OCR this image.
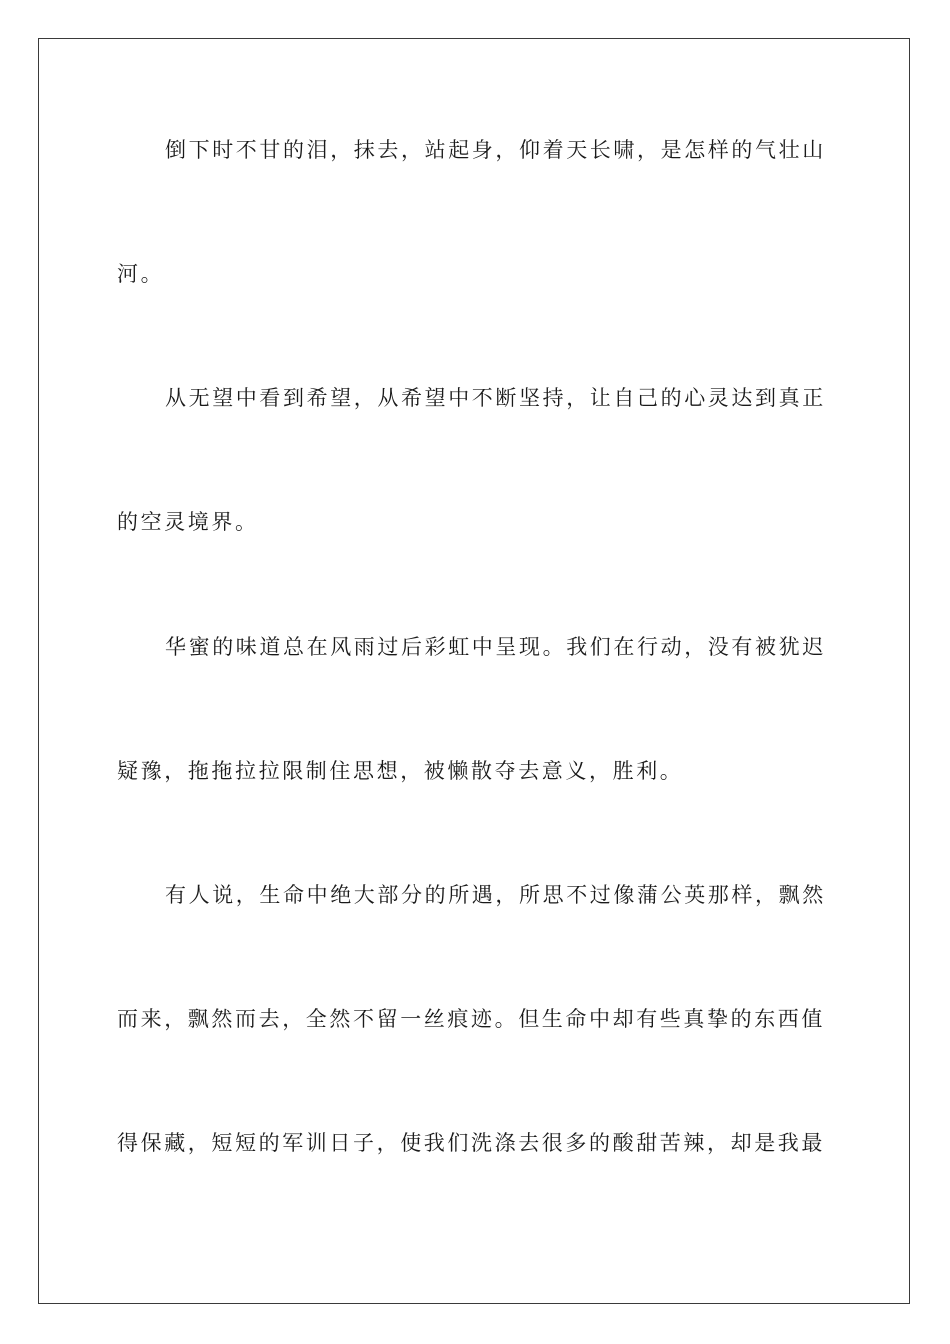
倒下时不甘的泪，抹去，站起身，仰着天长啸，是怎样的气壮山
河。
从无望中看到希望，从希望中不断坚持，让自己的心灵达到真正
的空灵境界。
华蜜的味道总在风雨过后彩虹中呈现。我们在行动，没有被犹迟
疑豫，拖拖拉拉限制住思想，被懒散夺去意义，胜利。
有人说，生命中绝大部分的所遇，所思不过像蒲公英那样，飘然
而来，飘然而去，全然不留一丝痕迹。但生命中却有些真挚的东西值
得保藏，短短的军训日子，使我们洗涤去很多的酸甜苦辣，却是我最
